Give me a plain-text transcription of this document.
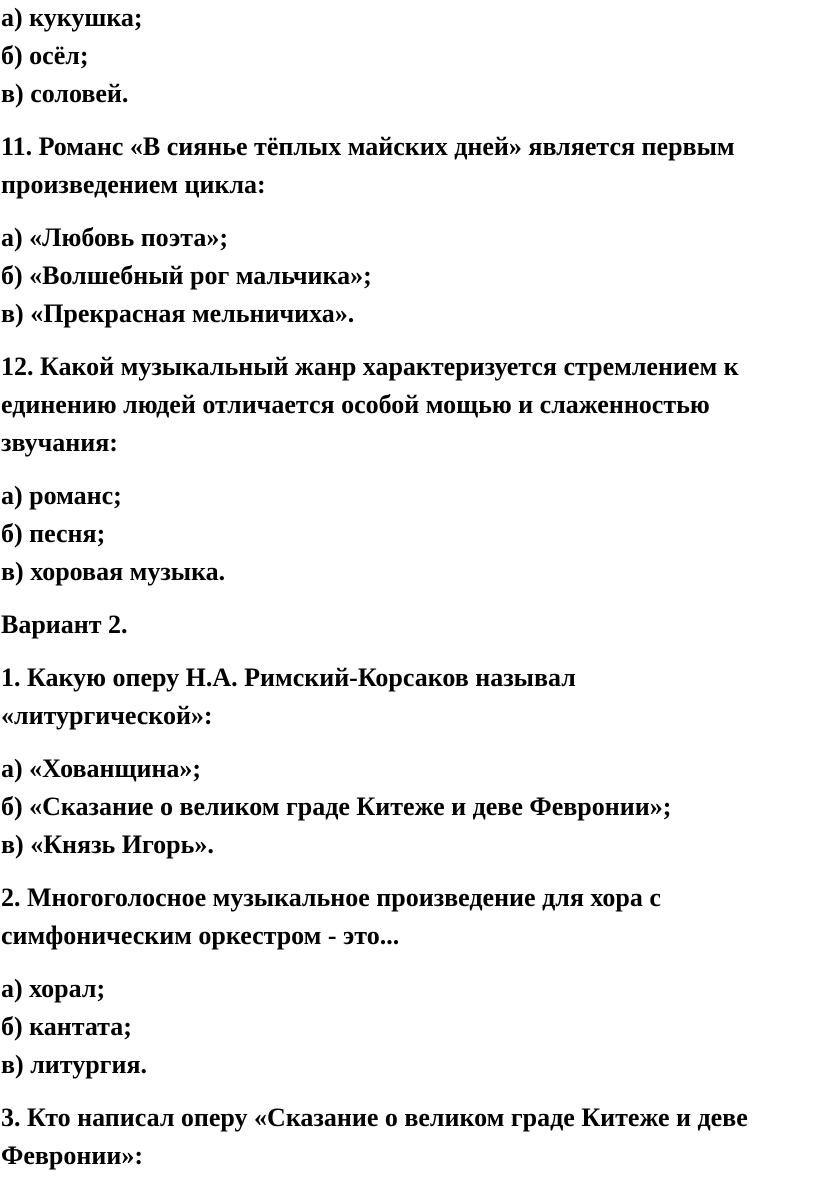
а) кукушка;
б) осёл;
в) соловей.
11. Романс «В сиянье тёплых майских дней» является первым
произведением цикла:
а) «Любовь поэта»;
б) «Волшебный рог мальчика»;
в) «Прекрасная мельничиха».
12. Какой музыкальный жанр характеризуется стремлением к
единению людей отличается особой мощью и слаженностью
звучания:
а) романс;
б) песня;
в) хоровая музыка.
Вариант 2.
1. Какую оперу Н.А. Римский-Корсаков называл
«литургической»:
а) «Хованщина»;
б) «Сказание о великом граде Китеже и деве Февронии»;
в) «Князь Игорь».
2. Многоголосное музыкальное произведение для хора с
симфоническим оркестром - это...
а) хорал;
б) кантата;
в) литургия.
3. Кто написал оперу «Сказание о великом граде Китеже и деве
Февронии»:
